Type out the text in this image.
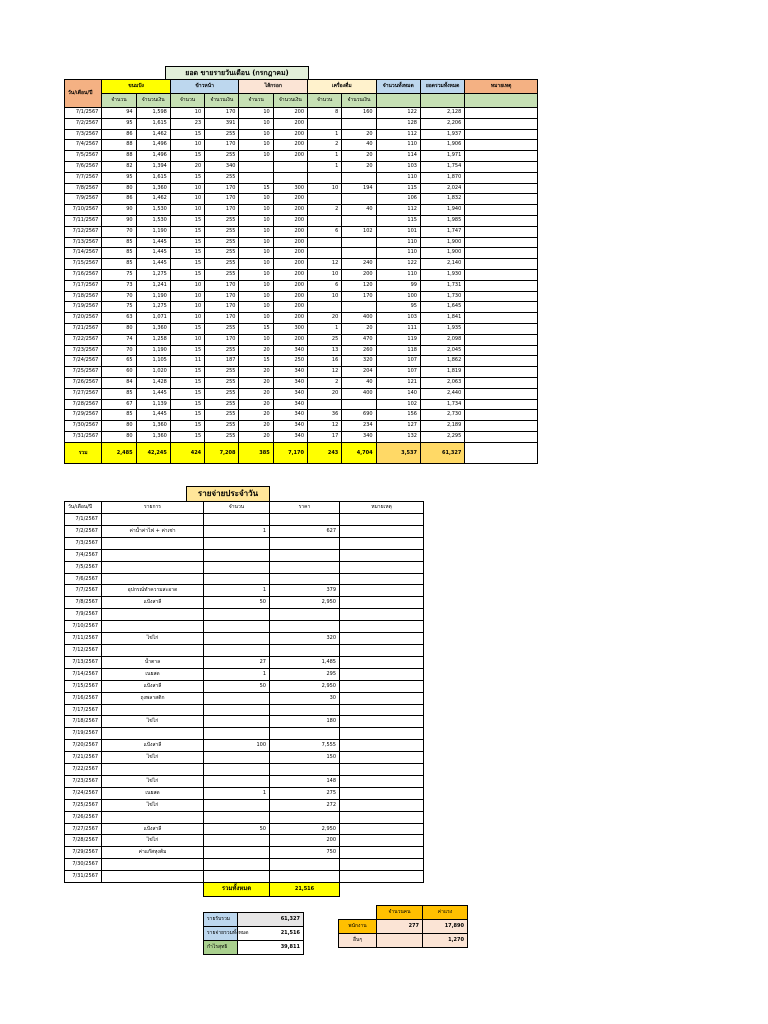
ยอด ขายรายวันเดือน (กรกฎาคม)
วัน/เดือน/ปี	ขนมปัง		ข้าวหน้า		ไส้กรอก		เครื่องดื่ม		จำนวนทั้งหมด	ยอดรวมทั้งหมด	หมายเหตุ
	จำนวน	จำนวนเงิน	จำนวน	จำนวนเงิน	จำนวน	จำนวนเงิน	จำนวน	จำนวนเงิน			
7/1/2567	94	1,598	10	170	10	200	8	160	122	2,128	
7/2/2567	95	1,615	23	391	10	200			128	2,206	
7/3/2567	86	1,462	15	255	10	200	1	20	112	1,937	
7/4/2567	88	1,496	10	170	10	200	2	40	110	1,906	
7/5/2567	88	1,496	15	255	10	200	1	20	114	1,971	
7/6/2567	82	1,394	20	340			1	20	103	1,754	
7/7/2567	95	1,615	15	255					110	1,870	
7/8/2567	80	1,360	10	170	15	300	10	194	115	2,024	
7/9/2567	86	1,462	10	170	10	200			106	1,832	
7/10/2567	90	1,530	10	170	10	200	2	40	112	1,940	
7/11/2567	90	1,530	15	255	10	200			115	1,985	
7/12/2567	70	1,190	15	255	10	200	6	102	101	1,747	
7/13/2567	85	1,445	15	255	10	200			110	1,900	
7/14/2567	85	1,445	15	255	10	200			110	1,900	
7/15/2567	85	1,445	15	255	10	200	12	240	122	2,140	
7/16/2567	75	1,275	15	255	10	200	10	200	110	1,930	
7/17/2567	73	1,241	10	170	10	200	6	120	99	1,731	
7/18/2567	70	1,190	10	170	10	200	10	170	100	1,730	
7/19/2567	75	1,275	10	170	10	200			95	1,645	
7/20/2567	63	1,071	10	170	10	200	20	400	103	1,841	
7/21/2567	80	1,360	15	255	15	300	1	20	111	1,935	
7/22/2567	74	1,258	10	170	10	200	25	470	119	2,098	
7/23/2567	70	1,190	15	255	20	340	13	260	118	2,045	
7/24/2567	65	1,105	11	187	15	250	16	320	107	1,862	
7/25/2567	60	1,020	15	255	20	340	12	204	107	1,819	
7/26/2567	84	1,428	15	255	20	340	2	40	121	2,063	
7/27/2567	85	1,445	15	255	20	340	20	400	140	2,440	
7/28/2567	67	1,139	15	255	20	340			102	1,734	
7/29/2567	85	1,445	15	255	20	340	36	690	156	2,730	
7/30/2567	80	1,360	15	255	20	340	12	234	127	2,189	
7/31/2567	80	1,360	15	255	20	340	17	340	132	2,295	
รวม	2,485	42,245	424	7,208	385	7,170	243	4,704	3,537	61,327	
รายจ่ายประจำวัน
วัน/เดือน/ปี	รายการ	จำนวน	ราคา	หมายเหตุ
7/1/2567				
7/2/2567	ค่าน้ำค่าไฟ + ค่าเช่า	1	627	
7/3/2567				
7/4/2567				
7/5/2567				
7/6/2567				
7/7/2567	อุปกรณ์ทำความสะอาด	1	379	
7/8/2567	แป้งสาลี	50	2,950	
7/9/2567				
7/10/2567				
7/11/2567	ไข่ไก่		320	
7/12/2567				
7/13/2567	น้ำตาล	27	1,485	
7/14/2567	เนยสด	1	295	
7/15/2567	แป้งสาลี	50	2,950	
7/16/2567	ถุงพลาสติก		30	
7/17/2567				
7/18/2567	ไข่ไก่		180	
7/19/2567				
7/20/2567	แป้งสาลี	100	7,555	
7/21/2567	ไข่ไก่		150	
7/22/2567				
7/23/2567	ไข่ไก่		148	
7/24/2567	เนยสด	1	275	
7/25/2567	ไข่ไก่		272	
7/26/2567				
7/27/2567	แป้งสาลี	50	2,950	
7/28/2567	ไข่ไก่		200	
7/29/2567	ค่าแก๊สหุงต้ม		750	
7/30/2567				
7/31/2567				
		รวมทั้งหมด	21,516	
รายรับรวม	61,327
รายจ่ายรวมทั้งหมด	21,516
กำไรสุทธิ	39,811
	จำนวนคน	ค่าแรง
พนักงาน	277	17,890
อื่นๆ		1,270
